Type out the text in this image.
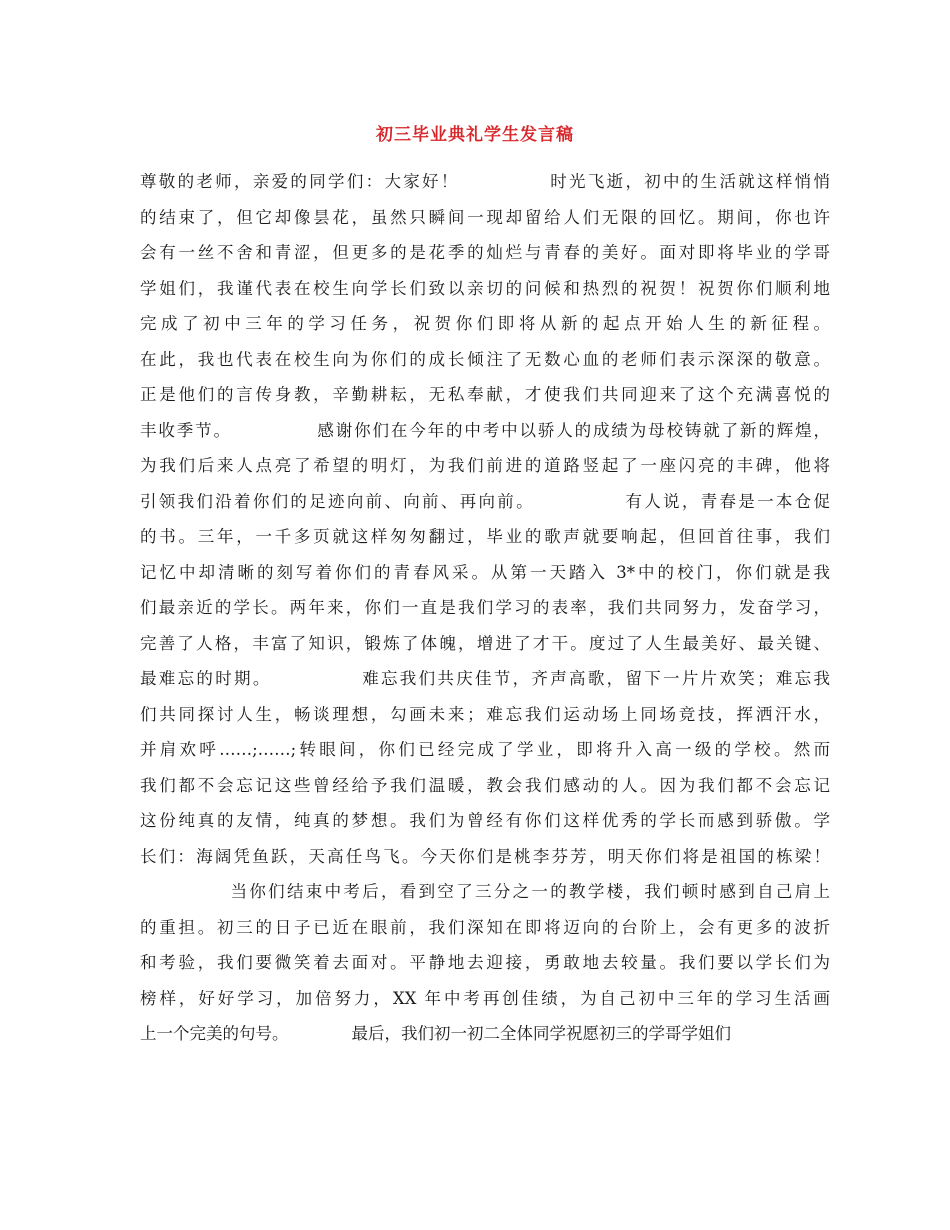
初三毕业典礼学生发言稿
尊敬的老师，亲爱的同学们：大家好！            时光飞逝，初中的生活就这样悄悄
的结束了，但它却像昙花，虽然只瞬间一现却留给人们无限的回忆。期间，你也许
会有一丝不舍和青涩，但更多的是花季的灿烂与青春的美好。面对即将毕业的学哥
学姐们，我谨代表在校生向学长们致以亲切的问候和热烈的祝贺！祝贺你们顺利地
完成了初中三年的学习任务，祝贺你们即将从新的起点开始人生的新征程。
在此，我也代表在校生向为你们的成长倾注了无数心血的老师们表示深深的敬意。
正是他们的言传身教，辛勤耕耘，无私奉献，才使我们共同迎来了这个充满喜悦的
丰收季节。            感谢你们在今年的中考中以骄人的成绩为母校铸就了新的辉煌，
为我们后来人点亮了希望的明灯，为我们前进的道路竖起了一座闪亮的丰碑，他将
引领我们沿着你们的足迹向前、向前、再向前。            有人说，青春是一本仓促
的书。三年，一千多页就这样匆匆翻过，毕业的歌声就要响起，但回首往事，我们
记忆中却清晰的刻写着你们的青春风采。从第一天踏入 3*中的校门，你们就是我
们最亲近的学长。两年来，你们一直是我们学习的表率，我们共同努力，发奋学习，
完善了人格，丰富了知识，锻炼了体魄，增进了才干。度过了人生最美好、最关键、
最难忘的时期。            难忘我们共庆佳节，齐声高歌，留下一片片欢笑；难忘我
们共同探讨人生，畅谈理想，勾画未来；难忘我们运动场上同场竞技，挥洒汗水，
并肩欢呼……;……;转眼间，你们已经完成了学业，即将升入高一级的学校。然而
我们都不会忘记这些曾经给予我们温暖，教会我们感动的人。因为我们都不会忘记
这份纯真的友情，纯真的梦想。我们为曾经有你们这样优秀的学长而感到骄傲。学
长们：海阔凭鱼跃，天高任鸟飞。今天你们是桃李芬芳，明天你们将是祖国的栋梁！
当你们结束中考后，看到空了三分之一的教学楼，我们顿时感到自己肩上
的重担。初三的日子已近在眼前，我们深知在即将迈向的台阶上，会有更多的波折
和考验，我们要微笑着去面对。平静地去迎接，勇敢地去较量。我们要以学长们为
榜样，好好学习，加倍努力，XX 年中考再创佳绩，为自己初中三年的学习生活画
上一个完美的句号。            最后，我们初一初二全体同学祝愿初三的学哥学姐们
